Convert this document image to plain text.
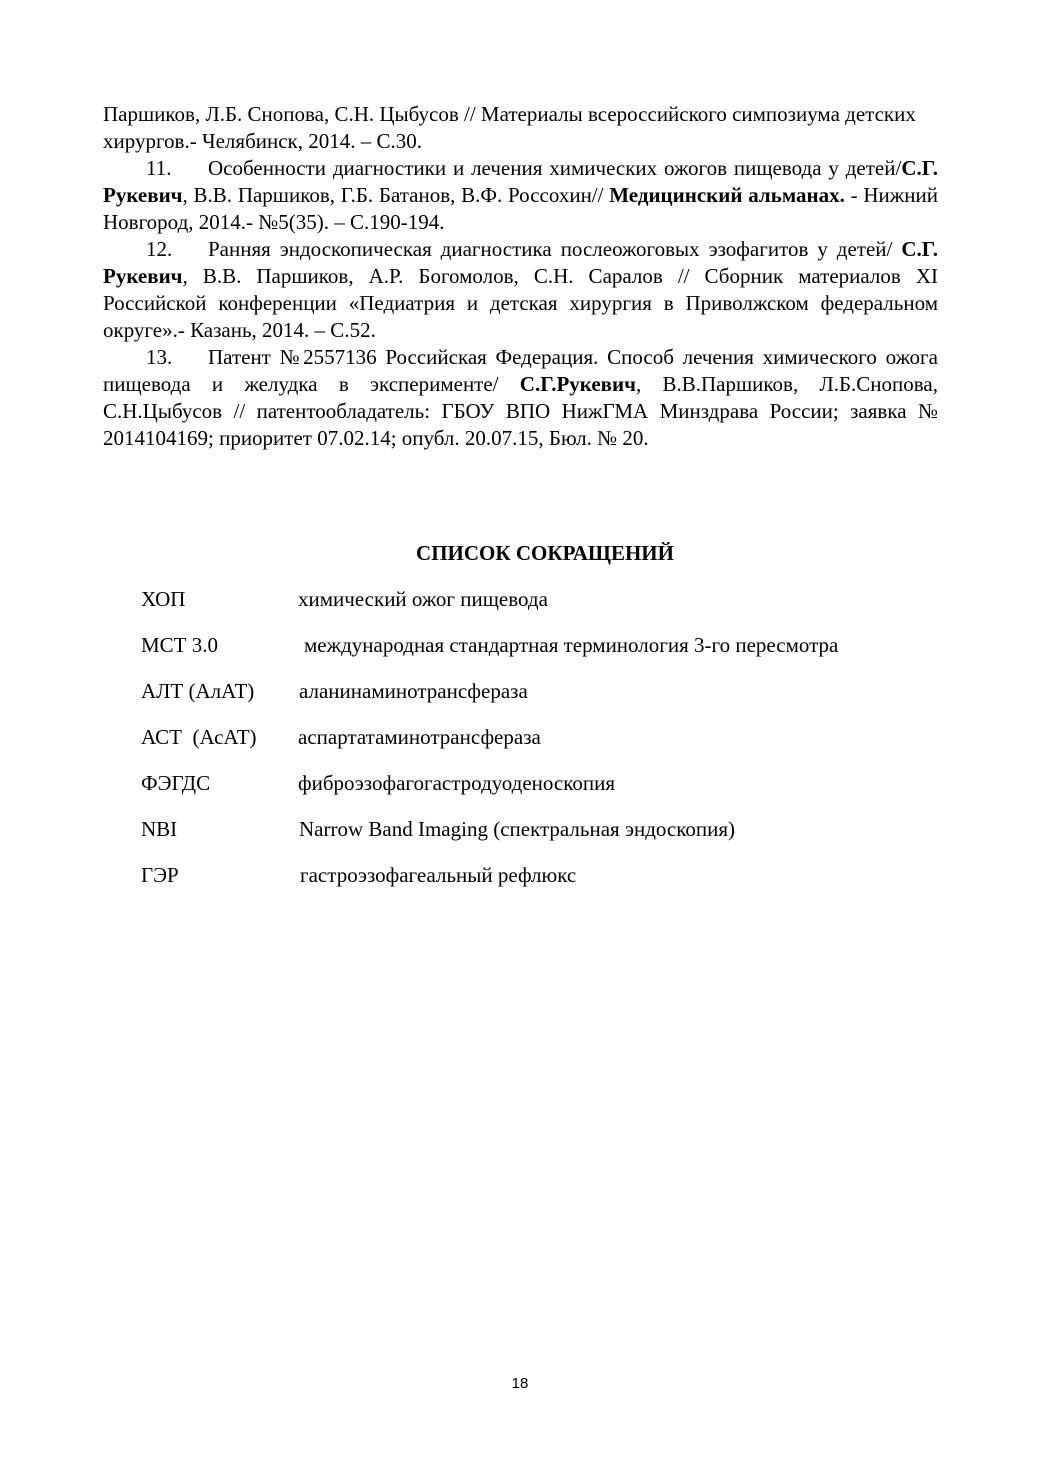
Паршиков, Л.Б. Снопова, С.Н. Цыбусов // Материалы всероссийского симпозиума детских хирургов.- Челябинск, 2014. – С.30.
11. Особенности диагностики и лечения химических ожогов пищевода у детей/С.Г. Рукевич, В.В. Паршиков, Г.Б. Батанов, В.Ф. Россохин// Медицинский альманах. - Нижний Новгород, 2014.- №5(35). – С.190-194.
12. Ранняя эндоскопическая диагностика послеожоговых эзофагитов у детей/ С.Г. Рукевич, В.В. Паршиков, А.Р. Богомолов, С.Н. Саралов // Сборник материалов XI Российской конференции «Педиатрия и детская хирургия в Приволжском федеральном округе».- Казань, 2014. – С.52.
13. Патент №2557136 Российская Федерация. Способ лечения химического ожога пищевода и желудка в эксперименте/ С.Г.Рукевич, В.В.Паршиков, Л.Б.Снопова, С.Н.Цыбусов // патентообладатель: ГБОУ ВПО НижГМА Минздрава России; заявка № 2014104169; приоритет 07.02.14; опубл. 20.07.15, Бюл. № 20.
СПИСОК СОКРАЩЕНИЙ
ХОП	химический ожог пищевода
МСТ 3.0	международная стандартная терминология 3-го пересмотра
АЛТ (АлАТ) аланинаминотрансфераза
АСТ  (АсАТ) аспартатаминотрансфераза
ФЭГДС	фиброэзофагогастродуоденоскопия
NBI	Narrow Band Imaging (спектральная эндоскопия)
ГЭР	гастроэзофагеальный рефлюкс
18
